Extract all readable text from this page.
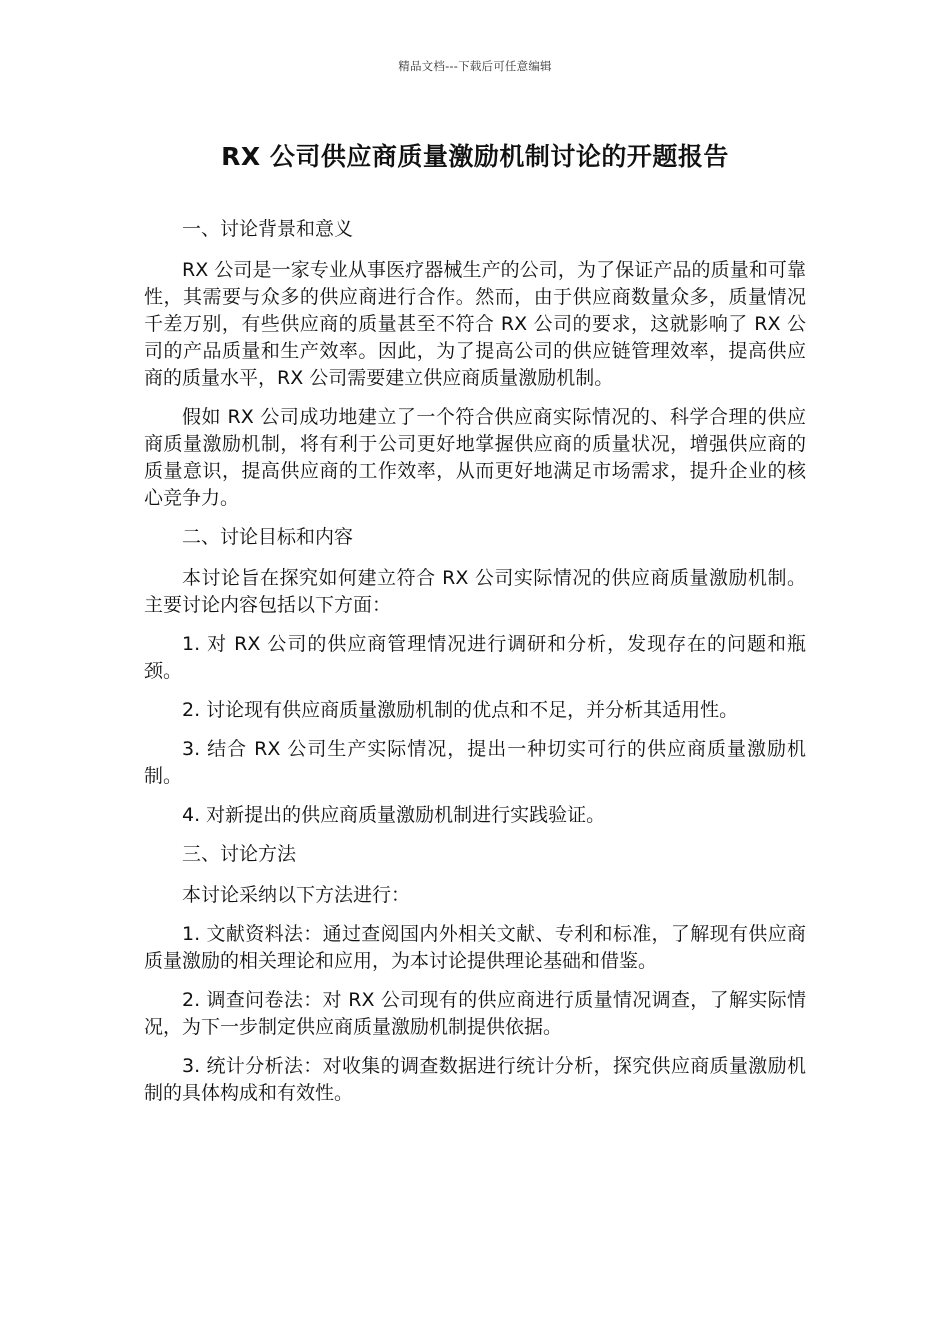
精品文档---下载后可任意编辑
RX 公司供应商质量激励机制讨论的开题报告

一、讨论背景和意义

RX 公司是一家专业从事医疗器械生产的公司，为了保证产品的质量和可靠性，其需要与众多的供应商进行合作。然而，由于供应商数量众多，质量情况千差万别，有些供应商的质量甚至不符合 RX 公司的要求，这就影响了 RX 公司的产品质量和生产效率。因此，为了提高公司的供应链管理效率，提高供应商的质量水平，RX 公司需要建立供应商质量激励机制。

假如 RX 公司成功地建立了一个符合供应商实际情况的、科学合理的供应商质量激励机制，将有利于公司更好地掌握供应商的质量状况，增强供应商的质量意识，提高供应商的工作效率，从而更好地满足市场需求，提升企业的核心竞争力。

二、讨论目标和内容

本讨论旨在探究如何建立符合 RX 公司实际情况的供应商质量激励机制。主要讨论内容包括以下方面：

1. 对 RX 公司的供应商管理情况进行调研和分析，发现存在的问题和瓶颈。

2. 讨论现有供应商质量激励机制的优点和不足，并分析其适用性。

3. 结合 RX 公司生产实际情况，提出一种切实可行的供应商质量激励机制。

4. 对新提出的供应商质量激励机制进行实践验证。

三、讨论方法

本讨论采纳以下方法进行：

1. 文献资料法：通过查阅国内外相关文献、专利和标准，了解现有供应商质量激励的相关理论和应用，为本讨论提供理论基础和借鉴。

2. 调查问卷法：对 RX 公司现有的供应商进行质量情况调查，了解实际情况，为下一步制定供应商质量激励机制提供依据。

3. 统计分析法：对收集的调查数据进行统计分析，探究供应商质量激励机制的具体构成和有效性。
